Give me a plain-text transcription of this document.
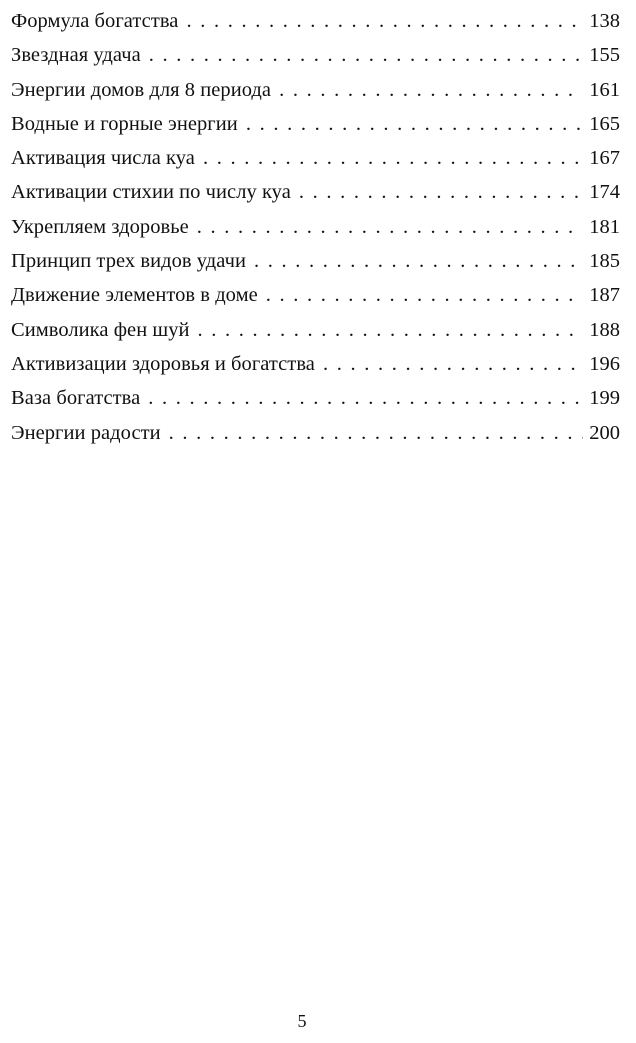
Формула богатства . . .	138
Звездная удача . . .	155
Энергии домов для 8 периода . . .	161
Водные и горные энергии . . .	165
Активация числа куа . . .	167
Активации стихии по числу куа . . .	174
Укрепляем здоровье . . .	181
Принцип трех видов удачи . . .	185
Движение элементов в доме . . .	187
Символика фен шуй . . .	188
Активизации здоровья и богатства . . .	196
Ваза богатства . . .	199
Энергии радости . . .	200
5
